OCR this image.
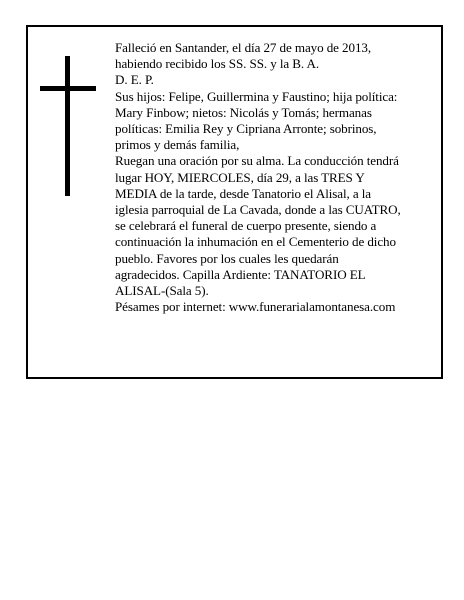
Falleció en Santander, el día 27 de mayo de 2013,
habiendo recibido los SS. SS. y la B. A.
D. E. P.
Sus hijos: Felipe, Guillermina y Faustino; hija política:
Mary Finbow; nietos: Nicolás y Tomás; hermanas
políticas: Emilia Rey y Cipriana Arronte; sobrinos,
primos y demás familia,
Ruegan una oración por su alma. La conducción tendrá
lugar HOY, MIERCOLES, día 29, a las TRES Y
MEDIA de la tarde, desde Tanatorio el Alisal, a la
iglesia parroquial de La Cavada, donde a las CUATRO,
se celebrará el funeral de cuerpo presente, siendo a
continuación la inhumación en el Cementerio de dicho
pueblo. Favores por los cuales les quedarán
agradecidos. Capilla Ardiente: TANATORIO EL
ALISAL-(Sala 5).
Pésames por internet: www.funerarialamontanesa.com
